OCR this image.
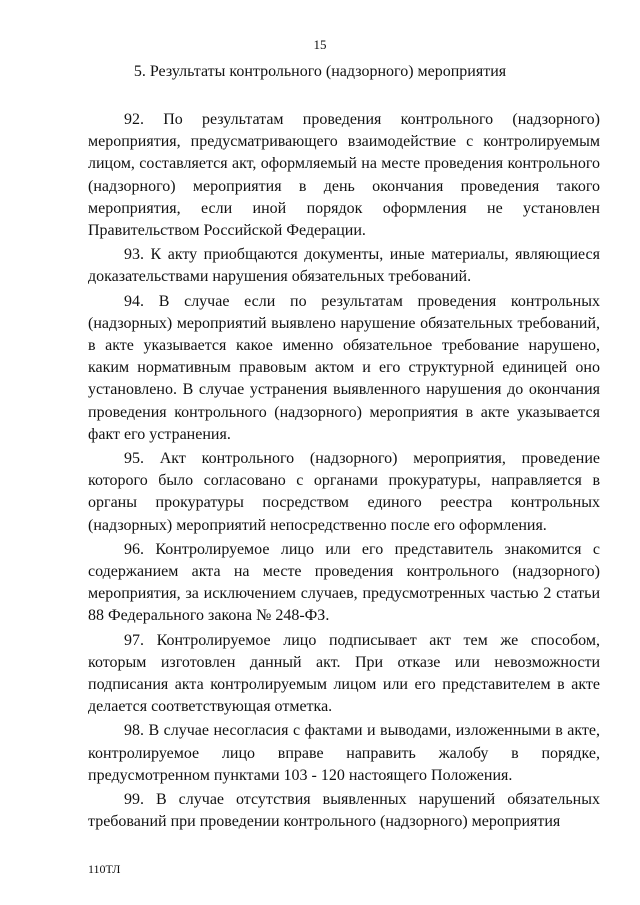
15
5. Результаты контрольного (надзорного) мероприятия

92. По результатам проведения контрольного (надзорного) мероприятия, предусматривающего взаимодействие с контролируемым лицом, составляется акт, оформляемый на месте проведения контрольного (надзорного) мероприятия в день окончания проведения такого мероприятия, если иной порядок оформления не установлен Правительством Российской Федерации.

93. К акту приобщаются документы, иные материалы, являющиеся доказательствами нарушения обязательных требований.

94. В случае если по результатам проведения контрольных (надзорных) мероприятий выявлено нарушение обязательных требований, в акте указывается какое именно обязательное требование нарушено, каким нормативным правовым актом и его структурной единицей оно установлено. В случае устранения выявленного нарушения до окончания проведения контрольного (надзорного) мероприятия в акте указывается факт его устранения.

95. Акт контрольного (надзорного) мероприятия, проведение которого было согласовано с органами прокуратуры, направляется в органы прокуратуры посредством единого реестра контрольных (надзорных) мероприятий непосредственно после его оформления.

96. Контролируемое лицо или его представитель знакомится с содержанием акта на месте проведения контрольного (надзорного) мероприятия, за исключением случаев, предусмотренных частью 2 статьи 88 Федерального закона № 248-ФЗ.

97. Контролируемое лицо подписывает акт тем же способом, которым изготовлен данный акт. При отказе или невозможности подписания акта контролируемым лицом или его представителем в акте делается соответствующая отметка.

98. В случае несогласия с фактами и выводами, изложенными в акте, контролируемое лицо вправе направить жалобу в порядке, предусмотренном пунктами 103 - 120 настоящего Положения.

99. В случае отсутствия выявленных нарушений обязательных требований при проведении контрольного (надзорного) мероприятия

110ТЛ
